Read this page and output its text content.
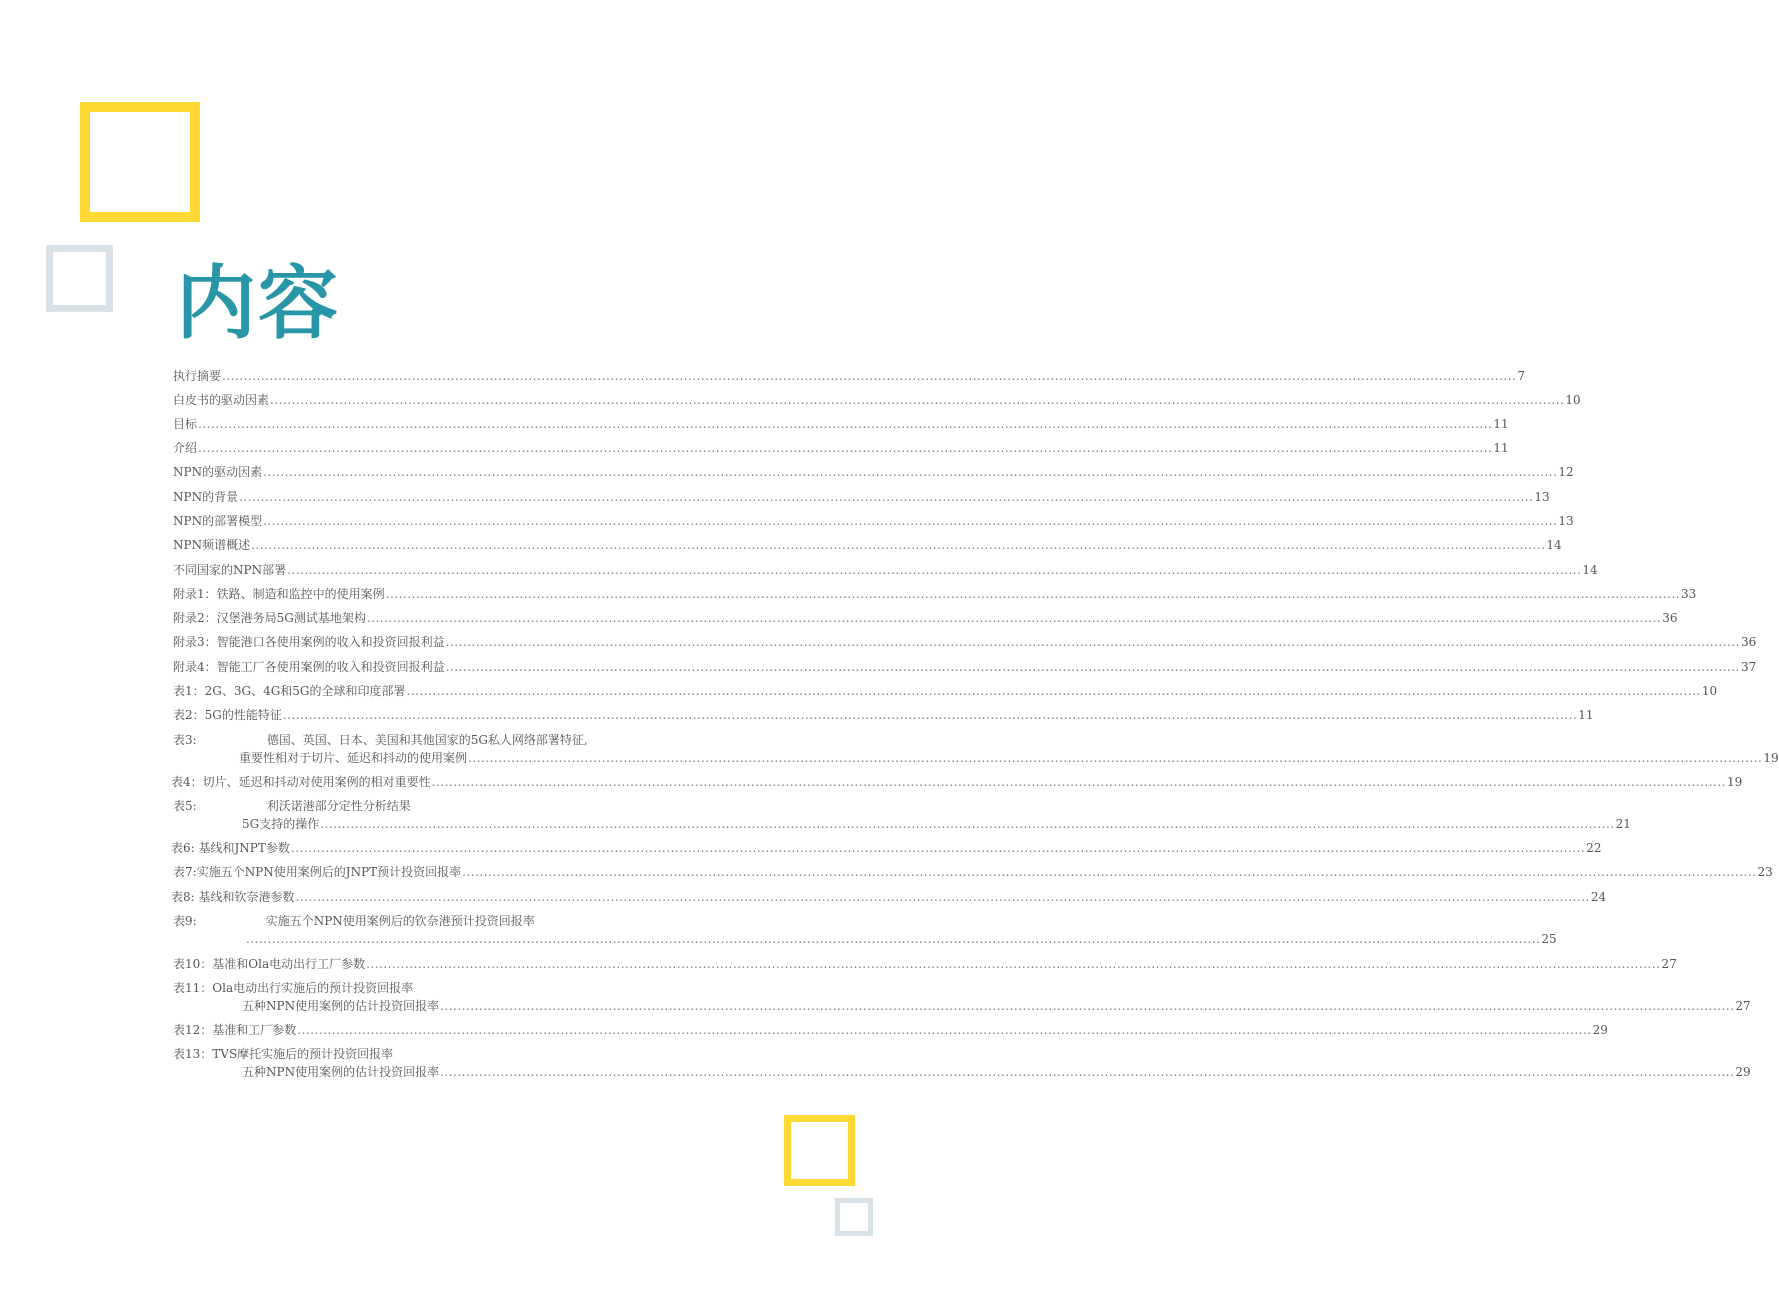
内容
执行摘要 ............................................................................................................................................................................................................................................................................................................ 7
白皮书的驱动因素 ............................................................................................................................................................................................................................................................................................................ 10
目标 ............................................................................................................................................................................................................................................................................................................ 11
介绍 ............................................................................................................................................................................................................................................................................................................ 11
NPN的驱动因素 ............................................................................................................................................................................................................................................................................................................ 12
NPN的背景 ............................................................................................................................................................................................................................................................................................................ 13
NPN的部署模型 ............................................................................................................................................................................................................................................................................................................ 13
NPN频谱概述 ............................................................................................................................................................................................................................................................................................................ 14
不同国家的NPN部署 ............................................................................................................................................................................................................................................................................................................ 14
附录1：铁路、制造和监控中的使用案例 ............................................................................................................................................................................................................................................................................................................ 33
附录2：汉堡港务局5G测试基地架构 ............................................................................................................................................................................................................................................................................................................ 36
附录3：智能港口各使用案例的收入和投资回报利益 ............................................................................................................................................................................................................................................................................................................ 36
附录4：智能工厂各使用案例的收入和投资回报利益 ............................................................................................................................................................................................................................................................................................................ 37
表1：2G、3G、4G和5G的全球和印度部署 ............................................................................................................................................................................................................................................................................................................ 10
表2：5G的性能特征 ............................................................................................................................................................................................................................................................................................................ 11
表3:	德国、英国、日本、美国和其他国家的5G私人网络部署特征,
重要性相对于切片、延迟和抖动的使用案例 ............................................................................................................................................................................................................................................................................................................ 19
表4：切片、延迟和抖动对使用案例的相对重要性 ............................................................................................................................................................................................................................................................................................................ 19
表5:	利沃诺港部分定性分析结果
5G支持的操作 ............................................................................................................................................................................................................................................................................................................ 21
表6: 基线和JNPT参数 ............................................................................................................................................................................................................................................................................................................ 22
表7: 实施五个NPN使用案例后的JNPT预计投资回报率 ............................................................................................................................................................................................................................................................................................................ 23
表8: 基线和钦奈港参数 ............................................................................................................................................................................................................................................................................................................ 24
表9:	实施五个NPN使用案例后的钦奈港预计投资回报率
............................................................................................................................................................................................................................................................................................................ 25
表10：基准和Ola电动出行工厂参数 ............................................................................................................................................................................................................................................................................................................ 27
表11：Ola电动出行实施后的预计投资回报率
五种NPN使用案例的估计投资回报率 ............................................................................................................................................................................................................................................................................................................ 27
表12：基准和工厂参数 ............................................................................................................................................................................................................................................................................................................ 29
表13：TVS摩托实施后的预计投资回报率
五种NPN使用案例的估计投资回报率 ............................................................................................................................................................................................................................................................................................................ 29
